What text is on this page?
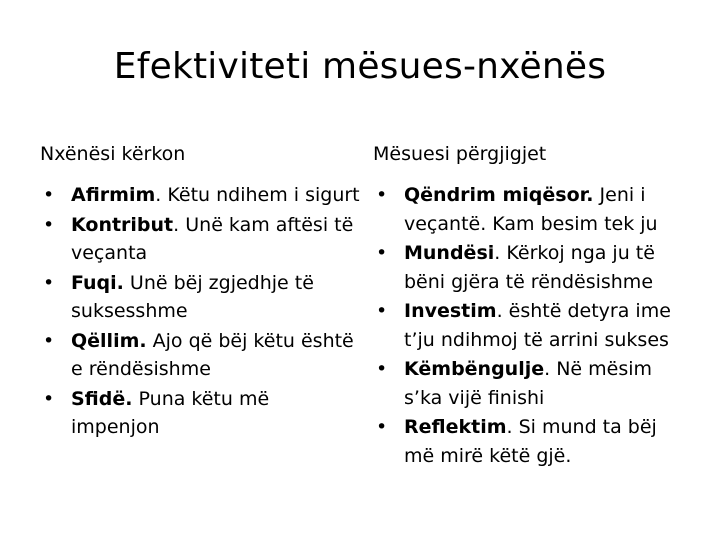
Efektiviteti mësues-nxënës
Nxënësi kërkon
• Afirmim. Këtu ndihem i sigurt
• Kontribut. Unë kam aftësi të veçanta
• Fuqi. Unë bëj zgjedhje të suksesshme
• Qëllim. Ajo që bëj këtu është e rëndësishme
• Sfidë. Puna këtu më impenjon
Mësuesi përgjigjet
• Qëndrim miqësor. Jeni i veçantë. Kam besim tek ju
• Mundësi. Kërkoj nga ju të bëni gjëra të rëndësishme
• Investim. është detyra ime t’ju ndihmoj të arrini sukses
• Këmbëngulje. Në mësim s’ka vijë finishi
• Reflektim. Si mund ta bëj më mirë këtë gjë.
